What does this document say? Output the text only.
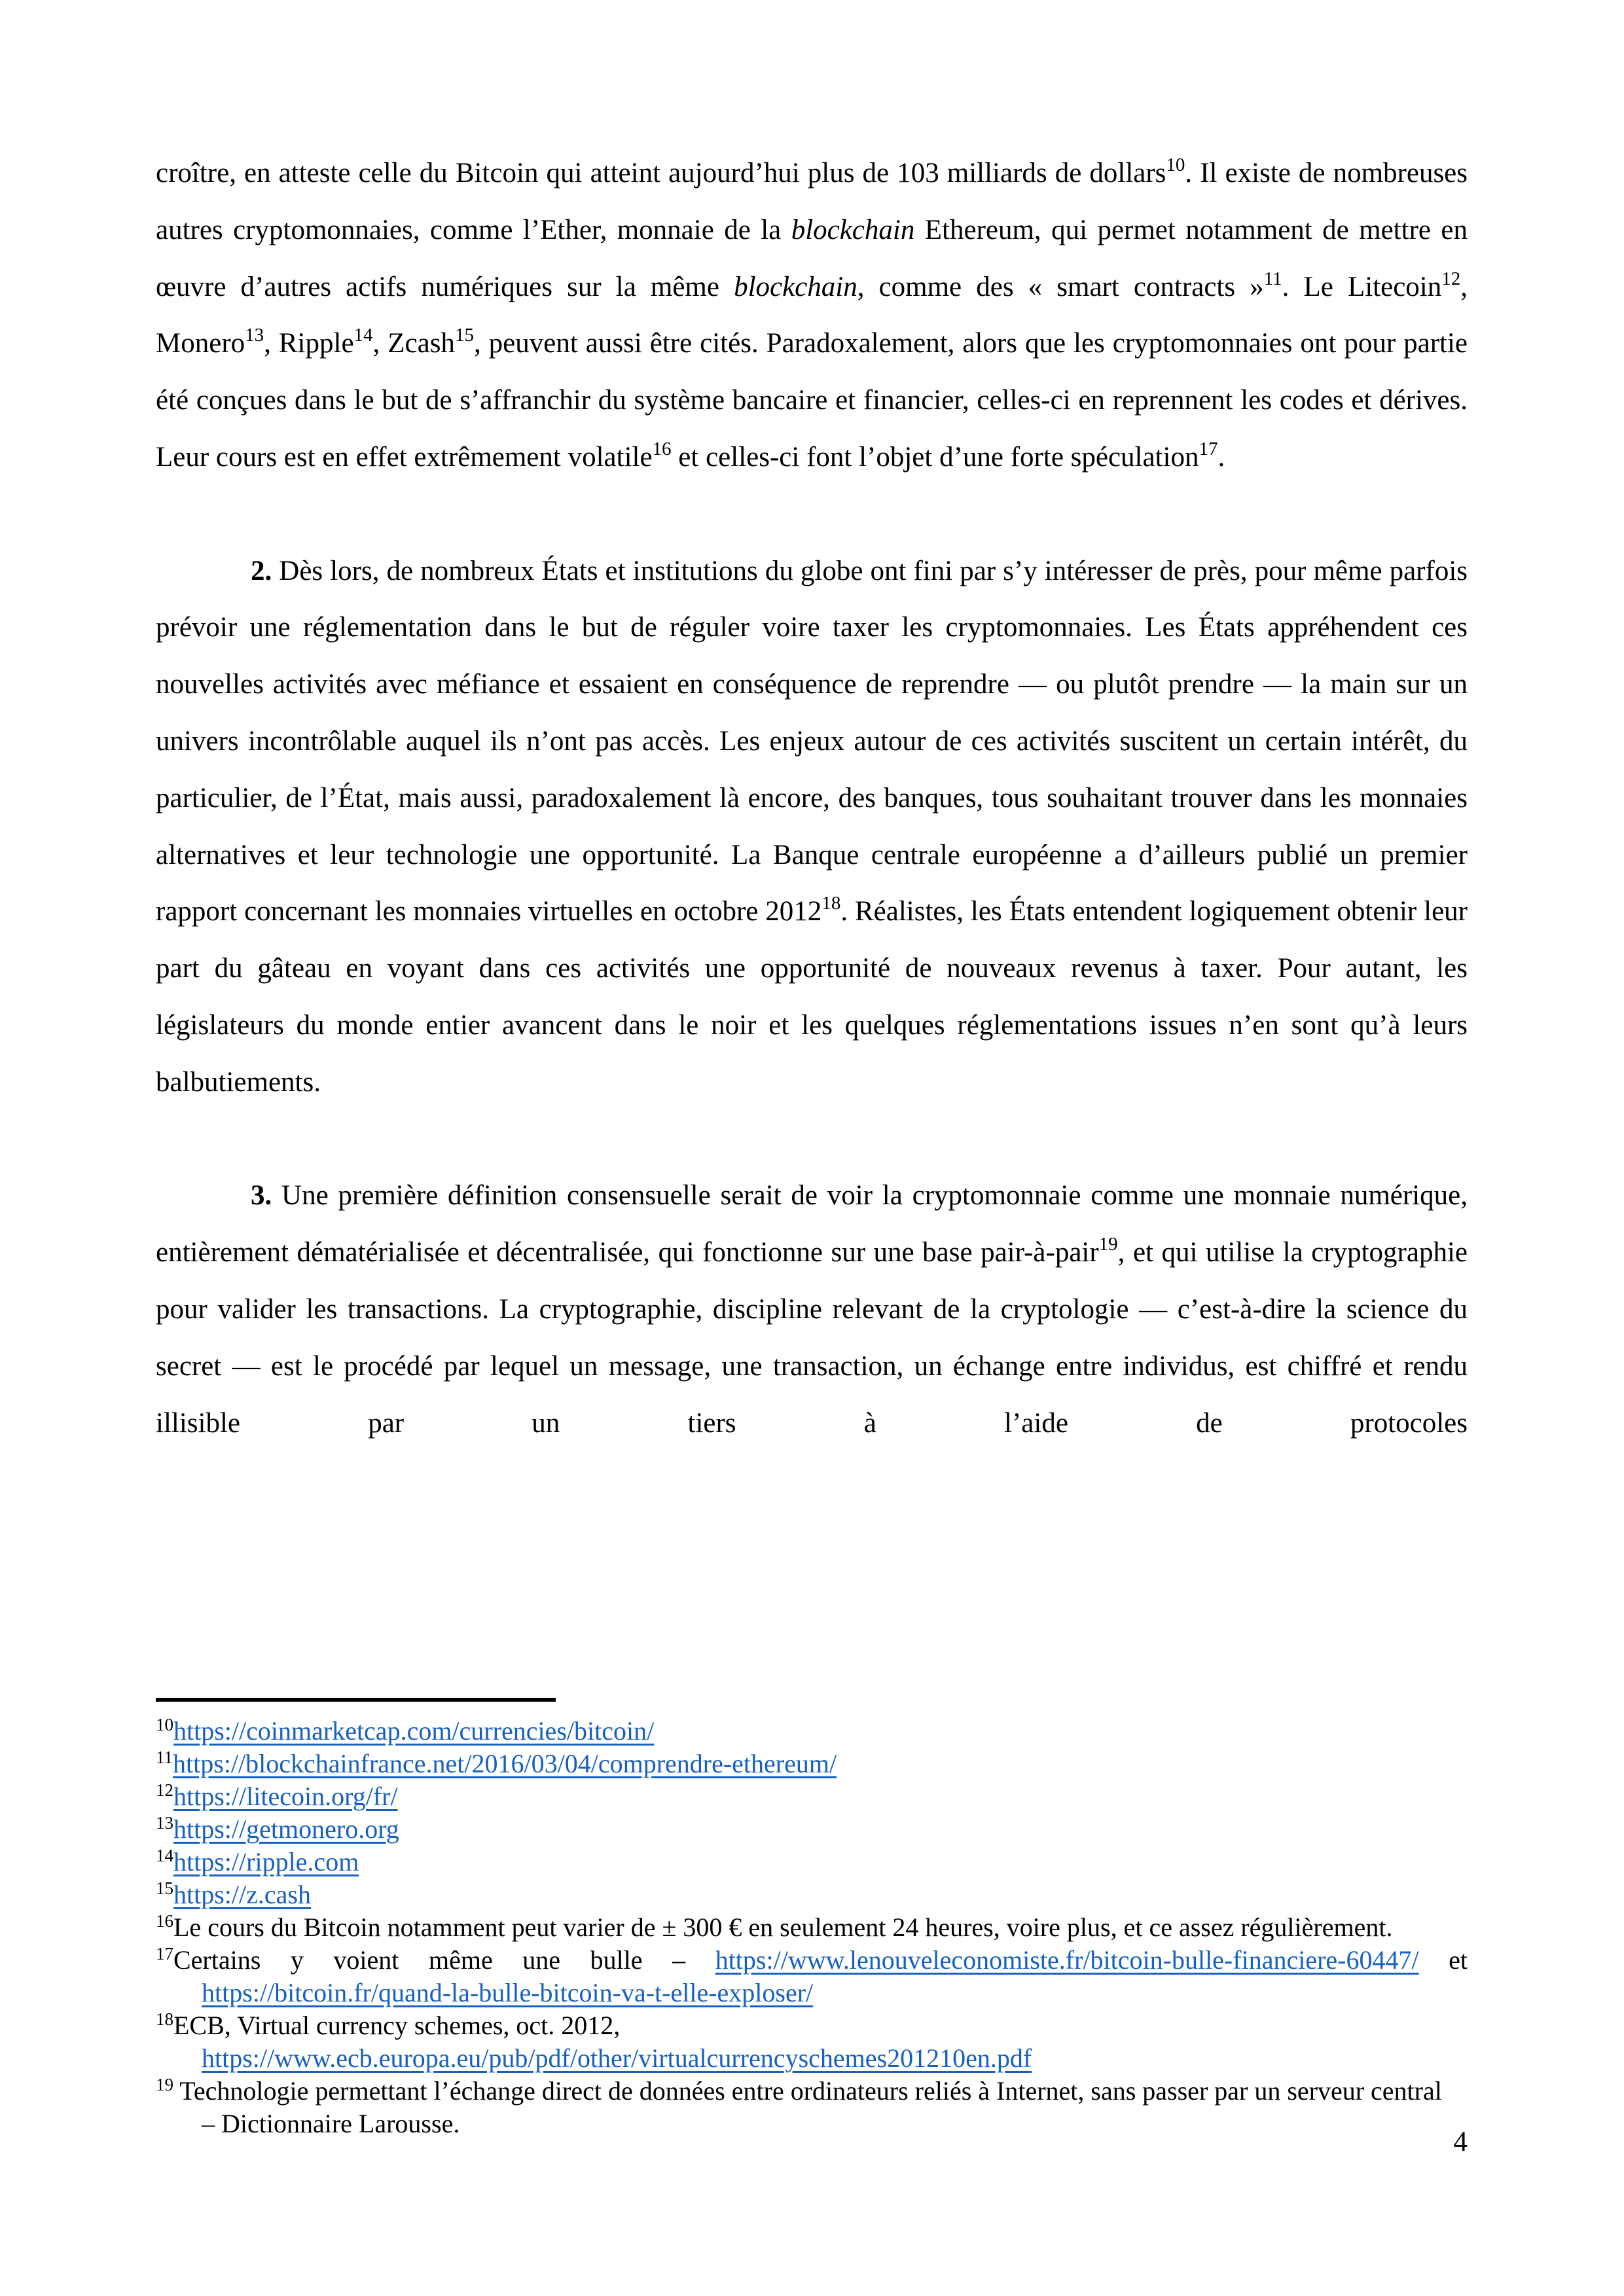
croître, en atteste celle du Bitcoin qui atteint aujourd’hui plus de 103 milliards de dollars$^{10}$. Il existe de nombreuses autres cryptomonnaies, comme l’Ether, monnaie de la blockchain Ethereum, qui permet notamment de mettre en œuvre d’autres actifs numériques sur la même blockchain, comme des « smart contracts »$^{11}$. Le Litecoin$^{12}$, Monero$^{13}$, Ripple$^{14}$, Zcash$^{15}$, peuvent aussi être cités. Paradoxalement, alors que les cryptomonnaies ont pour partie été conçues dans le but de s’affranchir du système bancaire et financier, celles-ci en reprennent les codes et dérives. Leur cours est en effet extrêmement volatile$^{16}$ et celles-ci font l’objet d’une forte spéculation$^{17}$.

2. Dès lors, de nombreux États et institutions du globe ont fini par s’y intéresser de près, pour même parfois prévoir une réglementation dans le but de réguler voire taxer les cryptomonnaies. Les États appréhendent ces nouvelles activités avec méfiance et essaient en conséquence de reprendre — ou plutôt prendre — la main sur un univers incontrôlable auquel ils n’ont pas accès. Les enjeux autour de ces activités suscitent un certain intérêt, du particulier, de l’État, mais aussi, paradoxalement là encore, des banques, tous souhaitant trouver dans les monnaies alternatives et leur technologie une opportunité. La Banque centrale européenne a d’ailleurs publié un premier rapport concernant les monnaies virtuelles en octobre 2012$^{18}$. Réalistes, les États entendent logiquement obtenir leur part du gâteau en voyant dans ces activités une opportunité de nouveaux revenus à taxer. Pour autant, les législateurs du monde entier avancent dans le noir et les quelques réglementations issues n’en sont qu’à leurs balbutiements.

3. Une première définition consensuelle serait de voir la cryptomonnaie comme une monnaie numérique, entièrement dématérialisée et décentralisée, qui fonctionne sur une base pair-à-pair$^{19}$, et qui utilise la cryptographie pour valider les transactions. La cryptographie, discipline relevant de la cryptologie — c’est-à-dire la science du secret — est le procédé par lequel un message, une transaction, un échange entre individus, est chiffré et rendu illisible par un tiers à l’aide de protocoles

$^{10}$https://coinmarketcap.com/currencies/bitcoin/
$^{11}$https://blockchainfrance.net/2016/03/04/comprendre-ethereum/
$^{12}$https://litecoin.org/fr/
$^{13}$https://getmonero.org
$^{14}$https://ripple.com
$^{15}$https://z.cash
$^{16}$Le cours du Bitcoin notamment peut varier de ± 300 € en seulement 24 heures, voire plus, et ce assez régulièrement.
$^{17}$Certains y voient même une bulle – https://www.lenouveleconomiste.fr/bitcoin-bulle-financiere-60447/ et
https://bitcoin.fr/quand-la-bulle-bitcoin-va-t-elle-exploser/
$^{18}$ECB, Virtual currency schemes, oct. 2012,
https://www.ecb.europa.eu/pub/pdf/other/virtualcurrencyschemes201210en.pdf
$^{19}$ Technologie permettant l’échange direct de données entre ordinateurs reliés à Internet, sans passer par un serveur central
– Dictionnaire Larousse.
4
